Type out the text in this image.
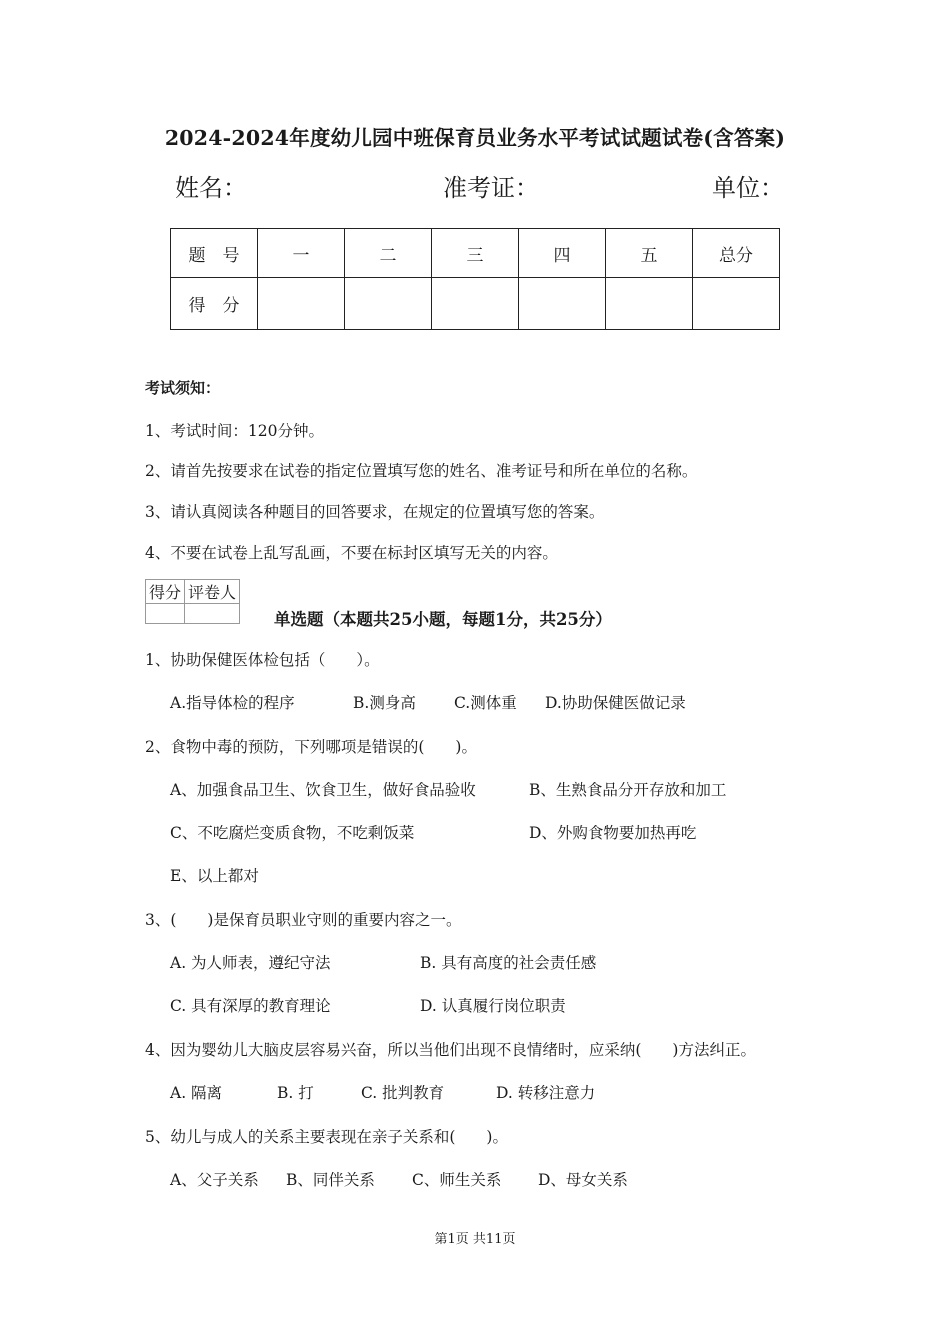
2024-2024年度幼儿园中班保育员业务水平考试试题试卷(含答案)
姓名：	准考证：	单位：
题　号	一	二	三	四	五	总分
得　分						
考试须知：
1、考试时间：120分钟。
2、请首先按要求在试卷的指定位置填写您的姓名、准考证号和所在单位的名称。
3、请认真阅读各种题目的回答要求，在规定的位置填写您的答案。
4、不要在试卷上乱写乱画，不要在标封区填写无关的内容。
得分	评卷人

单选题（本题共25小题，每题1分，共25分）
1、协助保健医体检包括（　　）。
A.指导体检的程序	B.测身高 C.测体重 D.协助保健医做记录
2、食物中毒的预防，下列哪项是错误的(　　)。
A、加强食品卫生、饮食卫生，做好食品验收	B、生熟食品分开存放和加工
C、不吃腐烂变质食物，不吃剩饭菜	D、外购食物要加热再吃
E、以上都对
3、(　　)是保育员职业守则的重要内容之一。
A. 为人师表，遵纪守法	B. 具有高度的社会责任感
C. 具有深厚的教育理论	D. 认真履行岗位职责
4、因为婴幼儿大脑皮层容易兴奋，所以当他们出现不良情绪时，应采纳(　　)方法纠正。
A. 隔离	B. 打	C. 批判教育	D. 转移注意力
5、幼儿与成人的关系主要表现在亲子关系和(　　)。
A、父子关系 B、同伴关系 C、师生关系 D、母女关系
第1页 共11页
